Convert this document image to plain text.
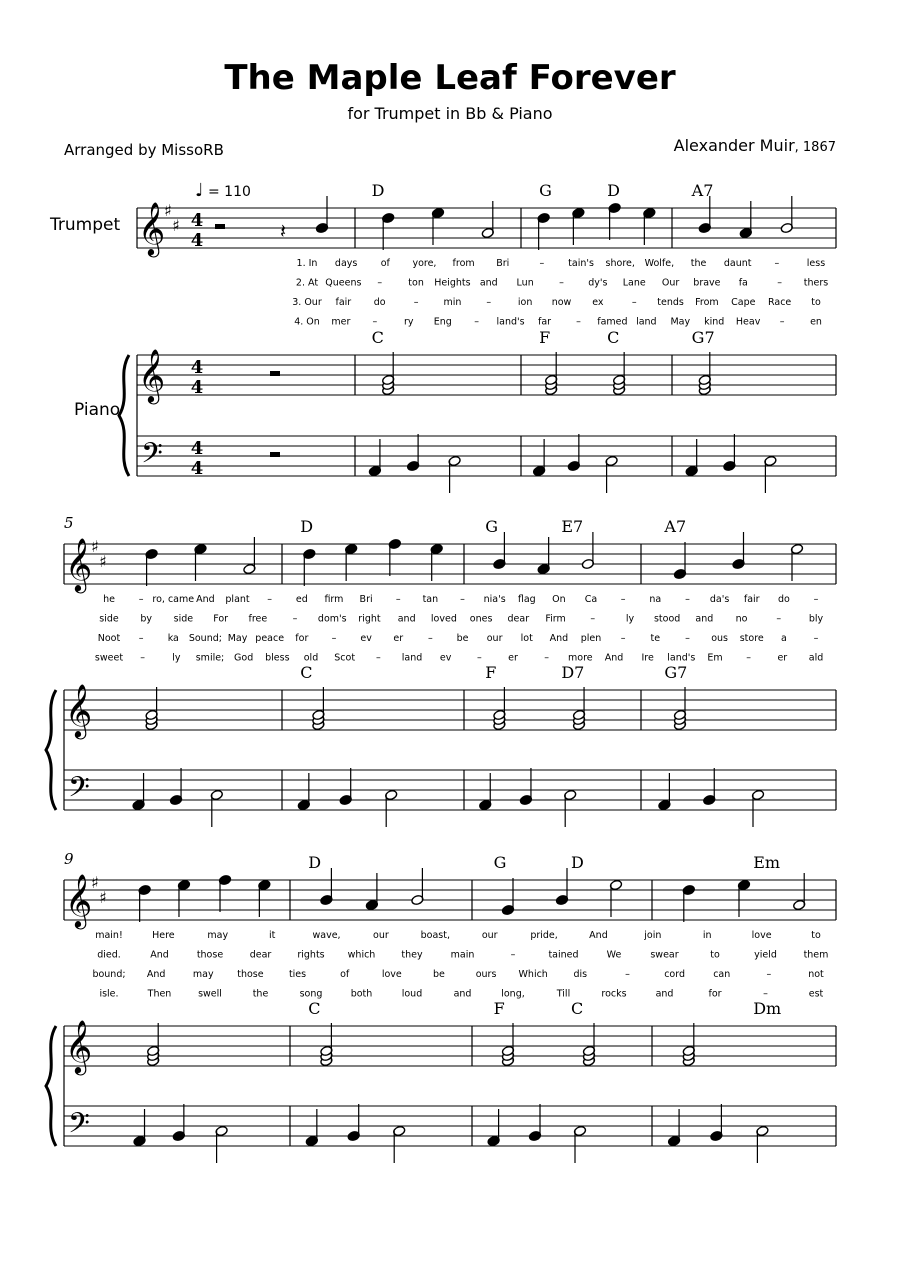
The Maple Leaf Forever
for Trumpet in Bb & Piano
Arranged by MissoRB	Alexander Muir, 1867
Trumpet
Piano
𝄞
𝄞
𝄢
♯
♯ 4
4
4
4
4
4
D
C
G
F
D
C
A7
G7
𝄽
♩ = 110
1. In days of yore, from Bri	–	tain's shore, Wolfe, the daunt –	less
2. At Queens –	ton Heights and Lun	–	dy's Lane Our brave fa	– thers
3. Our fair do	–	min	–	ion now ex	– tends From Cape Race to
4. On mer –	ry Eng – land's far	– famed land May kind Heav –	en
𝄞
𝄞
𝄢
♯
♯
5	D
C
G
F
E7
D7
A7
G7
he	– ro, came And plant –	ed firm Bri – tan – nia's flag On Ca –	na	– da's fair do	–
side by side For free	– dom's right and loved ones dear Firm	–	ly stood and no	–	bly
Noot –	ka Sound; May peace for –	ev er	–	be our lot And plen –	te	– ous store a	–
sweet –	ly smile; God bless old Scot – land ev	–	er	– more And Ire land's Em –	er ald
𝄞
𝄞
𝄢
♯
♯
9	D
C
G
F
D
C
Em
Dm
main!	Here	may	it	wave,	our	boast,	our	pride,	And	join	in	love	to
died.	And	those	dear	rights which	they	main	–	tained	We	swear	to	yield	them
bound; And	may those	ties	of	love	be	ours Which	dis	–	cord	can	–	not
isle.	Then	swell	the	song	both	loud	and	long,	Till	rocks	and	for	–	est
